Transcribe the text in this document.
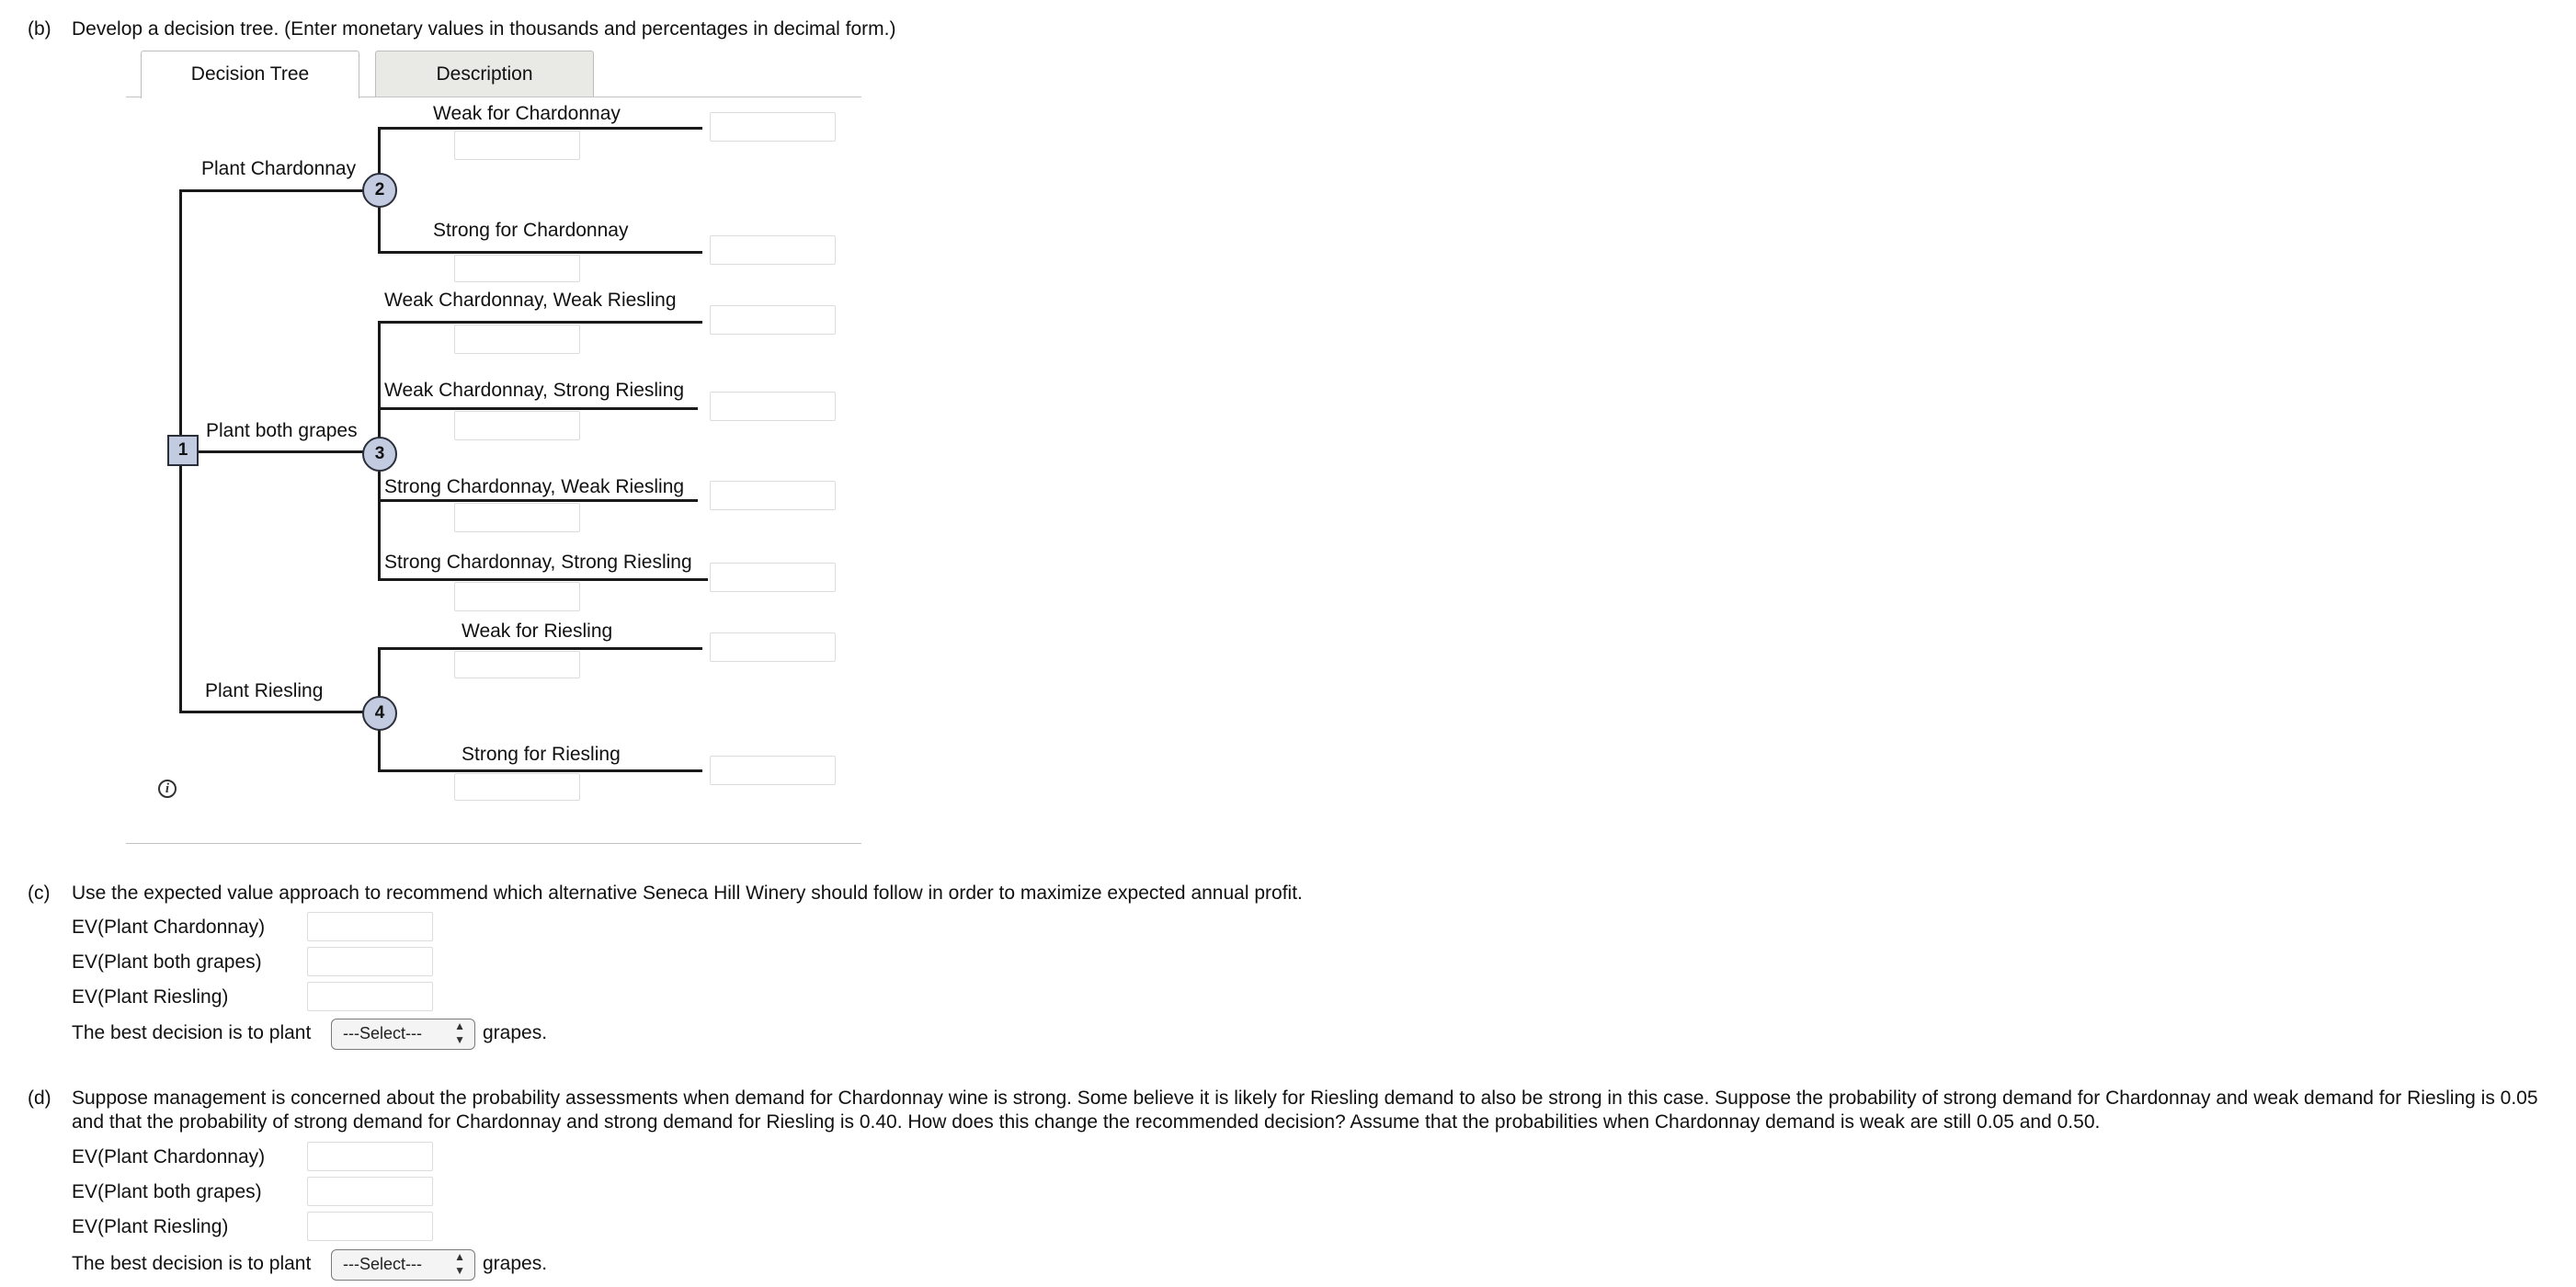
(b) Develop a decision tree. (Enter monetary values in thousands and percentages in decimal form.)
Decision Tree	Description
1
2
3
4
Plant Chardonnay
Plant both grapes
Plant Riesling
Weak for Chardonnay
Strong for Chardonnay
Weak Chardonnay, Weak Riesling
Weak Chardonnay, Strong Riesling
Strong Chardonnay, Weak Riesling
Strong Chardonnay, Strong Riesling
Weak for Riesling
Strong for Riesling
i
(c) Use the expected value approach to recommend which alternative Seneca Hill Winery should follow in order to maximize expected annual profit.
EV(Plant Chardonnay)
EV(Plant both grapes)
EV(Plant Riesling)
The best decision is to plant	---Select---	▲
▼ grapes.
(d) Suppose management is concerned about the probability assessments when demand for Chardonnay wine is strong. Some believe it is likely for Riesling demand to also be strong in this case. Suppose the probability of strong demand for Chardonnay and weak demand for Riesling is 0.05 and that the probability of strong demand for Chardonnay and strong demand for Riesling is 0.40. How does this change the recommended decision? Assume that the probabilities when Chardonnay demand is weak are still 0.05 and 0.50.
EV(Plant Chardonnay)
EV(Plant both grapes)
EV(Plant Riesling)
The best decision is to plant	---Select---	▲
▼ grapes.
